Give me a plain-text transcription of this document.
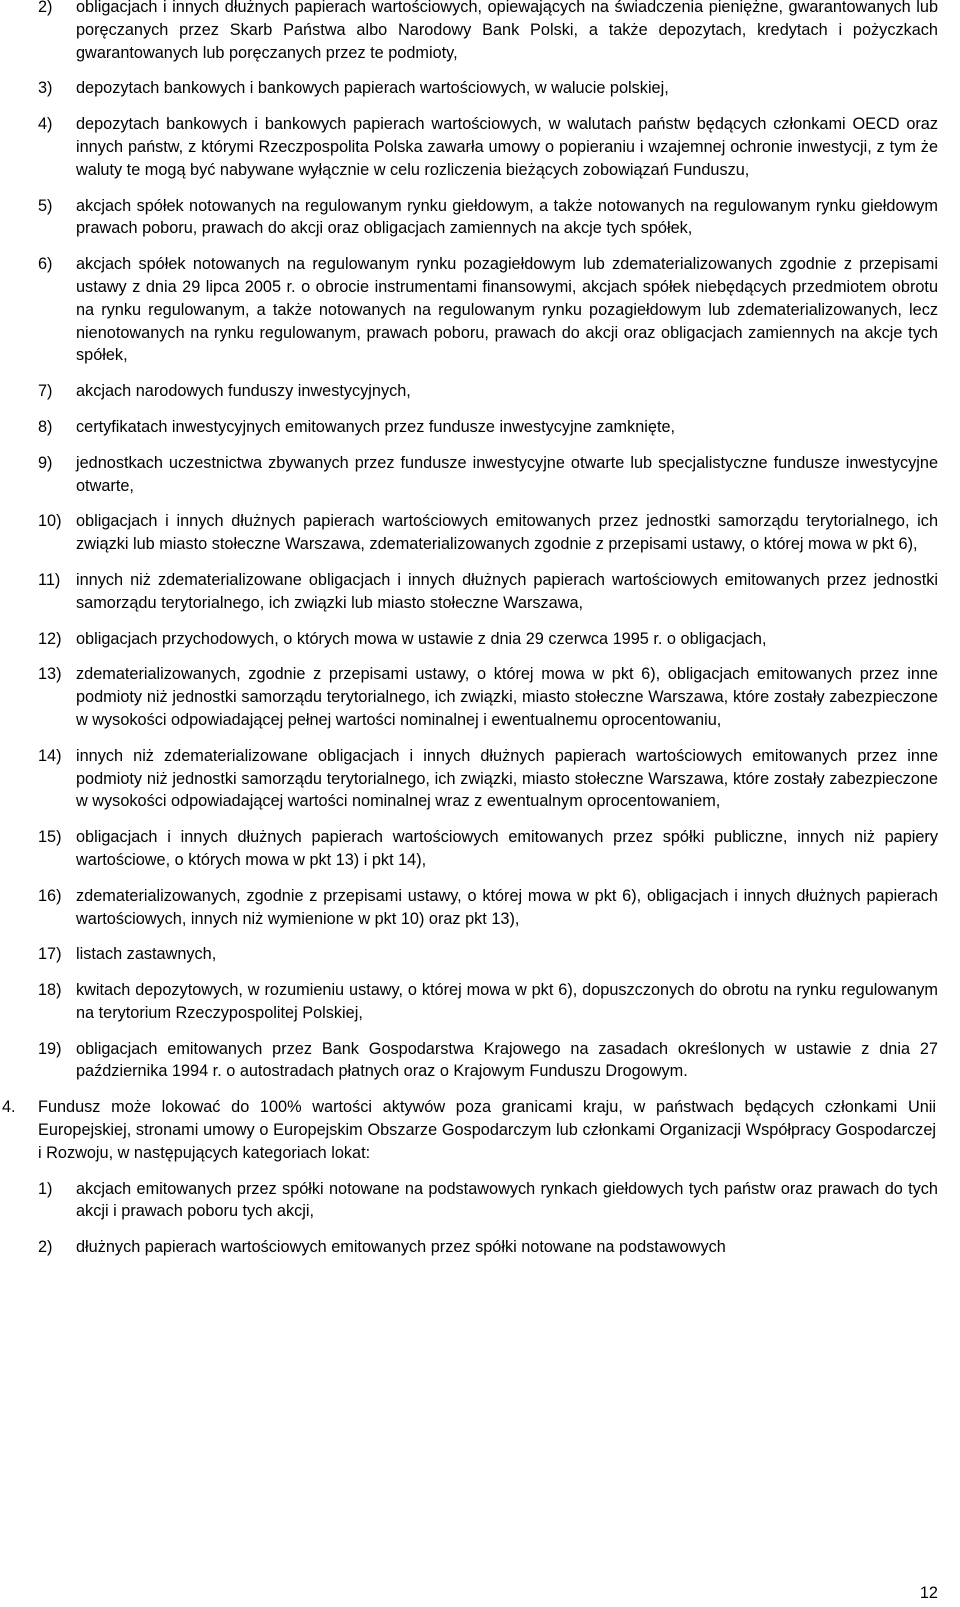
2) obligacjach i innych dłużnych papierach wartościowych, opiewających na świadczenia pieniężne, gwarantowanych lub poręczanych przez Skarb Państwa albo Narodowy Bank Polski, a także depozytach, kredytach i pożyczkach gwarantowanych lub poręczanych przez te podmioty,
3) depozytach bankowych i bankowych papierach wartościowych, w walucie polskiej,
4) depozytach bankowych i bankowych papierach wartościowych, w walutach państw będących członkami OECD oraz innych państw, z którymi Rzeczpospolita Polska zawarła umowy o popieraniu i wzajemnej ochronie inwestycji, z tym że waluty te mogą być nabywane wyłącznie w celu rozliczenia bieżących zobowiązań Funduszu,
5) akcjach spółek notowanych na regulowanym rynku giełdowym, a także notowanych na regulowanym rynku giełdowym prawach poboru, prawach do akcji oraz obligacjach zamiennych na akcje tych spółek,
6) akcjach spółek notowanych na regulowanym rynku pozagiełdowym lub zdematerializowanych zgodnie z przepisami ustawy z dnia 29 lipca 2005 r. o obrocie instrumentami finansowymi, akcjach spółek niebędących przedmiotem obrotu na rynku regulowanym, a także notowanych na regulowanym rynku pozagiełdowym lub zdematerializowanych, lecz nienotowanych na rynku regulowanym, prawach poboru, prawach do akcji oraz obligacjach zamiennych na akcje tych spółek,
7) akcjach narodowych funduszy inwestycyjnych,
8) certyfikatach inwestycyjnych emitowanych przez fundusze inwestycyjne zamknięte,
9) jednostkach uczestnictwa zbywanych przez fundusze inwestycyjne otwarte lub specjalistyczne fundusze inwestycyjne otwarte,
10) obligacjach i innych dłużnych papierach wartościowych emitowanych przez jednostki samorządu terytorialnego, ich związki lub miasto stołeczne Warszawa, zdematerializowanych zgodnie z przepisami ustawy, o której mowa w pkt 6),
11) innych niż zdematerializowane obligacjach i innych dłużnych papierach wartościowych emitowanych przez jednostki samorządu terytorialnego, ich związki lub miasto stołeczne Warszawa,
12) obligacjach przychodowych, o których mowa w ustawie z dnia 29 czerwca 1995 r. o obligacjach,
13) zdematerializowanych, zgodnie z przepisami ustawy, o której mowa w pkt 6), obligacjach emitowanych przez inne podmioty niż jednostki samorządu terytorialnego, ich związki, miasto stołeczne Warszawa, które zostały zabezpieczone w wysokości odpowiadającej pełnej wartości nominalnej i ewentualnemu oprocentowaniu,
14) innych niż zdematerializowane obligacjach i innych dłużnych papierach wartościowych emitowanych przez inne podmioty niż jednostki samorządu terytorialnego, ich związki, miasto stołeczne Warszawa, które zostały zabezpieczone w wysokości odpowiadającej wartości nominalnej wraz z ewentualnym oprocentowaniem,
15) obligacjach i innych dłużnych papierach wartościowych emitowanych przez spółki publiczne, innych niż papiery wartościowe, o których mowa w pkt 13) i pkt 14),
16) zdematerializowanych, zgodnie z przepisami ustawy, o której mowa w pkt 6), obligacjach i innych dłużnych papierach wartościowych, innych niż wymienione w pkt 10) oraz pkt 13),
17) listach zastawnych,
18) kwitach depozytowych, w rozumieniu ustawy, o której mowa w pkt 6), dopuszczonych do obrotu na rynku regulowanym na terytorium Rzeczypospolitej Polskiej,
19) obligacjach emitowanych przez Bank Gospodarstwa Krajowego na zasadach określonych w ustawie z dnia 27 października 1994 r. o autostradach płatnych oraz o Krajowym Funduszu Drogowym.
4. Fundusz może lokować do 100% wartości aktywów poza granicami kraju, w państwach będących członkami Unii Europejskiej, stronami umowy o Europejskim Obszarze Gospodarczym lub członkami Organizacji Współpracy Gospodarczej i Rozwoju, w następujących kategoriach lokat:
1) akcjach emitowanych przez spółki notowane na podstawowych rynkach giełdowych tych państw oraz prawach do tych akcji i prawach poboru tych akcji,
2) dłużnych papierach wartościowych emitowanych przez spółki notowane na podstawowych
12
